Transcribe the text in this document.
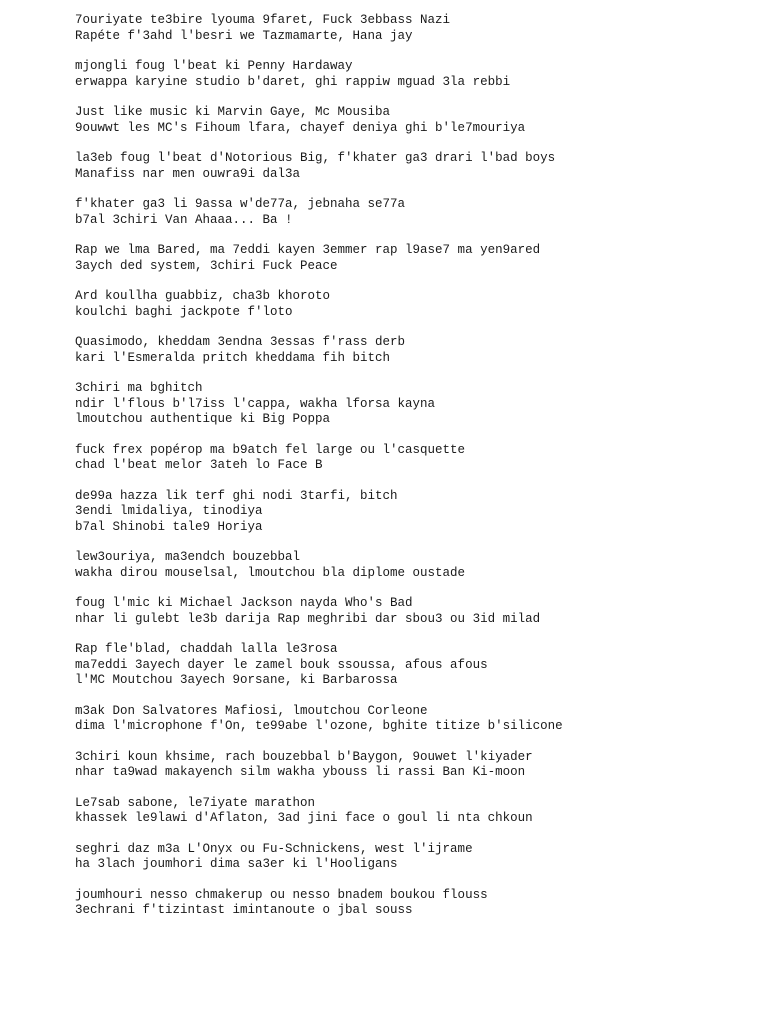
7ouriyate te3bire lyouma 9faret, Fuck 3ebbass Nazi
Rapéte f'3ahd l'besri we Tazmamarte, Hana jay
mjongli foug l'beat ki Penny Hardaway
erwappa karyine studio b'daret, ghi rappiw mguad 3la rebbi
Just like music ki Marvin Gaye, Mc Mousiba
9ouwwt les MC's Fihoum lfara, chayef deniya ghi b'le7mouriya
la3eb foug l'beat d'Notorious Big, f'khater ga3 drari l'bad boys
Manafiss nar men ouwra9i dal3a
f'khater ga3 li 9assa w'de77a, jebnaha se77a
b7al 3chiri Van Ahaaa... Ba !
Rap we lma Bared, ma 7eddi kayen 3emmer rap l9ase7 ma yen9ared
3aych ded system, 3chiri Fuck Peace
Ard koullha guabbiz, cha3b khoroto
koulchi baghi jackpote f'loto
Quasimodo, kheddam 3endna 3essas f'rass derb
kari l'Esmeralda pritch kheddama fih bitch
3chiri ma bghitch
ndir l'flous b'l7iss l'cappa, wakha lforsa kayna
lmoutchou authentique ki Big Poppa
fuck frex popérop ma b9atch fel large ou l'casquette
chad l'beat melor 3ateh lo Face B
de99a hazza lik terf ghi nodi 3tarfi, bitch
3endi lmidaliya, tinodiya
b7al Shinobi tale9 Horiya
lew3ouriya, ma3endch bouzebbal
wakha dirou mouselsal, lmoutchou bla diplome oustade
foug l'mic ki Michael Jackson nayda Who's Bad
nhar li gulebt le3b darija Rap meghribi dar sbou3 ou 3id milad
Rap fle'blad, chaddah lalla le3rosa
ma7eddi 3ayech dayer le zamel bouk ssoussa, afous afous
l'MC Moutchou 3ayech 9orsane, ki Barbarossa
m3ak Don Salvatores Mafiosi, lmoutchou Corleone
dima l'microphone f'On, te99abe l'ozone, bghite titize b'silicone
3chiri koun khsime, rach bouzebbal b'Baygon, 9ouwet l'kiyader
nhar ta9wad makayench silm wakha ybouss li rassi Ban Ki-moon
Le7sab sabone, le7iyate marathon
khassek le9lawi d'Aflaton, 3ad jini face o goul li nta chkoun
seghri daz m3a L'Onyx ou Fu-Schnickens, west l'ijrame
ha 3lach joumhori dima sa3er ki l'Hooligans
joumhouri nesso chmakerup ou nesso bnadem boukou flouss
3echrani f'tizintast imintanoute o jbal souss
